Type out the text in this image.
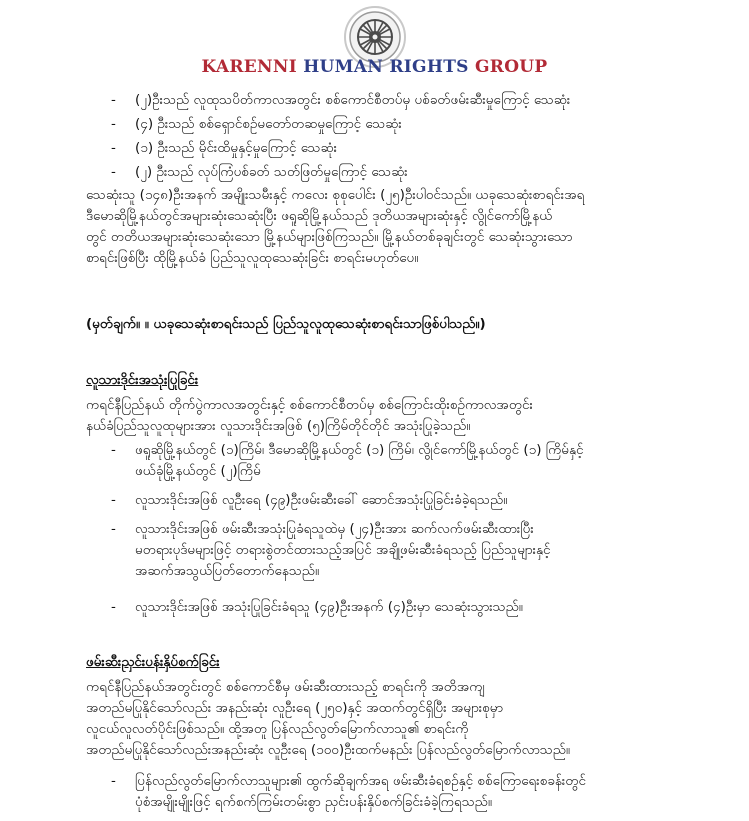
KARENNI HUMAN RIGHTS GROUP
- (၂)ဦးသည် လူထုသပိတ်ကာလအတွင်း စစ်ကောင်စီတပ်မှ ပစ်ခတ်ဖမ်းဆီးမှုကြောင့် သေဆုံး
- (၄) ဦးသည် စစ်ရှောင်စဉ်မတော်တဆမှုကြောင့် သေဆုံး
- (၁) ဦးသည် မိုင်းထိမှုနှင့်မှုကြောင့် သေဆုံး
- (၂) ဦးသည် လုပ်ကြံပစ်ခတ် သတ်ဖြတ်မှုကြောင့် သေဆုံး
သေဆုံးသူ (၁၄၈)ဦးအနက် အမျိုးသမီးနှင့် ကလေး စုစုပေါင်း (၂၅)ဦးပါဝင်သည်။ ယခုသေဆုံးစာရင်းအရ
ဒီမောဆိုမြို့နယ်တွင်အများဆုံးသေဆုံးပြီး ဖရူဆိုမြို့နယ်သည် ဒုတိယအများဆုံးနှင့် လွိုင်ကော်မြို့နယ်
တွင် တတိယအများဆုံးသေဆုံးသော မြို့နယ်များဖြစ်ကြသည်။ မြို့နယ်တစ်ခုချင်းတွင် သေဆုံးသွားသော
စာရင်းဖြစ်ပြီး ထိုမြို့နယ်ခံ ပြည်သူလူထုသေဆုံးခြင်း စာရင်းမဟုတ်ပေ။
(မှတ်ချက်။ ။ ယခုသေဆုံးစာရင်းသည် ပြည်သူလူထုသေဆုံးစာရင်းသာဖြစ်ပါသည်။)
လူသားဒိုင်းအသုံးပြုခြင်း
ကရင်နီပြည်နယ် တိုက်ပွဲကာလအတွင်းနှင့် စစ်ကောင်စီတပ်မှ စစ်ကြောင်းထိုးစဉ်ကာလအတွင်း
နယ်ခံပြည်သူလူထုများအား လူသားဒိုင်းအဖြစ် (၅)ကြိမ်တိုင်တိုင် အသုံးပြုခဲ့သည်။
- ဖရူဆိုမြို့နယ်တွင် (၁)ကြိမ်၊ ဒီမောဆိုမြို့နယ်တွင် (၁) ကြိမ်၊ လွိုင်ကော်မြို့နယ်တွင် (၁) ကြိမ်နှင့်
ဖယ်ခုံမြို့နယ်တွင် (၂)ကြိမ်
- လူသားဒိုင်းအဖြစ် လူဦးရေ (၄၉)ဦးဖမ်းဆီးခေါ် ဆောင်အသုံးပြုခြင်းခံခဲ့ရသည်။
- လူသားဒိုင်းအဖြစ် ဖမ်းဆီးအသုံးပြုခံရသူထဲမှ (၂၄)ဦးအား ဆက်လက်ဖမ်းဆီးထားပြီး
မတရားပုဒ်မများဖြင့် တရားစွဲတင်ထားသည့်အပြင် အချို့ဖမ်းဆီးခံရသည့် ပြည်သူများနှင့်
အဆက်အသွယ်ပြတ်တောက်နေသည်။
- လူသားဒိုင်းအဖြစ် အသုံးပြုခြင်းခံရသူ (၄၉)ဦးအနက် (၄)ဦးမှာ သေဆုံးသွားသည်။
ဖမ်းဆီးညှင်းပန်းနှိပ်စက်ခြင်း
ကရင်နီပြည်နယ်အတွင်းတွင် စစ်ကောင်စီမှ ဖမ်းဆီးထားသည့် စာရင်းကို အတိအကျ
အတည်မပြုနိုင်သော်လည်း အနည်းဆုံး လူဦးရေ (၂၅၀)နှင့် အထက်တွင်ရှိပြီး အများစုမှာ
လူငယ်လူလတ်ပိုင်းဖြစ်သည်။ ထို့အတူ ပြန်လည်လွတ်မြောက်လာသူ၏ စာရင်းကို
အတည်မပြုနိုင်သော်လည်းအနည်းဆုံး လူဦးရေ (၁၀၀)ဦးထက်မနည်း ပြန်လည်လွတ်မြောက်လာသည်။
- ပြန်လည်လွတ်မြောက်လာသူများ၏ ထွက်ဆိုချက်အရ ဖမ်းဆီးခံရစဉ်နှင့် စစ်ကြောရေးစခန်းတွင်
ပုံစံအမျိုးမျိုးဖြင့် ရက်စက်ကြမ်းတမ်းစွာ ညှင်းပန်းနှိပ်စက်ခြင်းခံခဲ့ကြရသည်။
